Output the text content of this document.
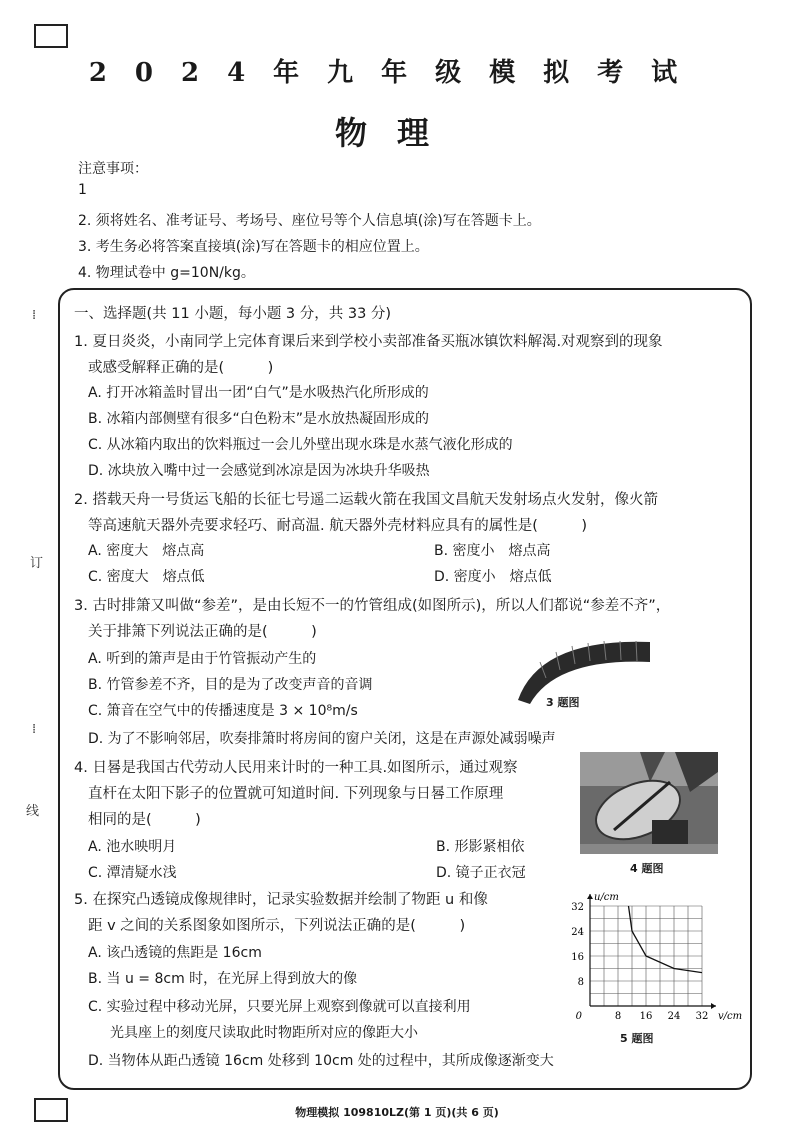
2024年九年级模拟考试
物理
注意事项：
1
2. 须将姓名、准考证号、考场号、座位号等个人信息填(涂)写在答题卡上。
3. 考生务必将答案直接填(涂)写在答题卡的相应位置上。
4. 物理试卷中 g=10N/kg。
⁞
订
⁞
线
一、选择题(共 11 小题，每小题 3 分，共 33 分)
1. 夏日炎炎，小南同学上完体育课后来到学校小卖部准备买瓶冰镇饮料解渴.对观察到的现象
或感受解释正确的是(　　　)
A. 打开冰箱盖时冒出一团“白气”是水吸热汽化所形成的
B. 冰箱内部侧壁有很多“白色粉末”是水放热凝固形成的
C. 从冰箱内取出的饮料瓶过一会儿外壁出现水珠是水蒸气液化形成的
D. 冰块放入嘴中过一会感觉到冰凉是因为冰块升华吸热
2. 搭载天舟一号货运飞船的长征七号遥二运载火箭在我国文昌航天发射场点火发射，像火箭
等高速航天器外壳要求轻巧、耐高温. 航天器外壳材料应具有的属性是(　　　)
A. 密度大　熔点高	B. 密度小　熔点高
C. 密度大　熔点低	D. 密度小　熔点低
3. 古时排箫又叫做“参差”，是由长短不一的竹管组成(如图所示)，所以人们都说“参差不齐”，
关于排箫下列说法正确的是(　　　)
A. 听到的箫声是由于竹管振动产生的
B. 竹管参差不齐，目的是为了改变声音的音调
C. 箫音在空气中的传播速度是 3 × 10⁸m/s
D. 为了不影响邻居，吹奏排箫时将房间的窗户关闭，这是在声源处减弱噪声
3 题图
4. 日晷是我国古代劳动人民用来计时的一种工具.如图所示，通过观察
直杆在太阳下影子的位置就可知道时间. 下列现象与日晷工作原理
相同的是(　　　)
A. 池水映明月	B. 形影紧相依
C. 潭清疑水浅	D. 镜子正衣冠	4 题图
5. 在探究凸透镜成像规律时，记录实验数据并绘制了物距 u 和像
距 v 之间的关系图象如图所示，下列说法正确的是(　　　)
A. 该凸透镜的焦距是 16cm
B. 当 u = 8cm 时，在光屏上得到放大的像
C. 实验过程中移动光屏，只要光屏上观察到像就可以直接利用
光具座上的刻度尺读取此时物距所对应的像距大小
D. 当物体从距凸透镜 16cm 处移到 10cm 处的过程中，其所成像逐渐变大
8 16 24 32
8
16
24
32
0	v/cm
u/cm
5 题图
物理模拟 109810LZ(第 1 页)(共 6 页)
